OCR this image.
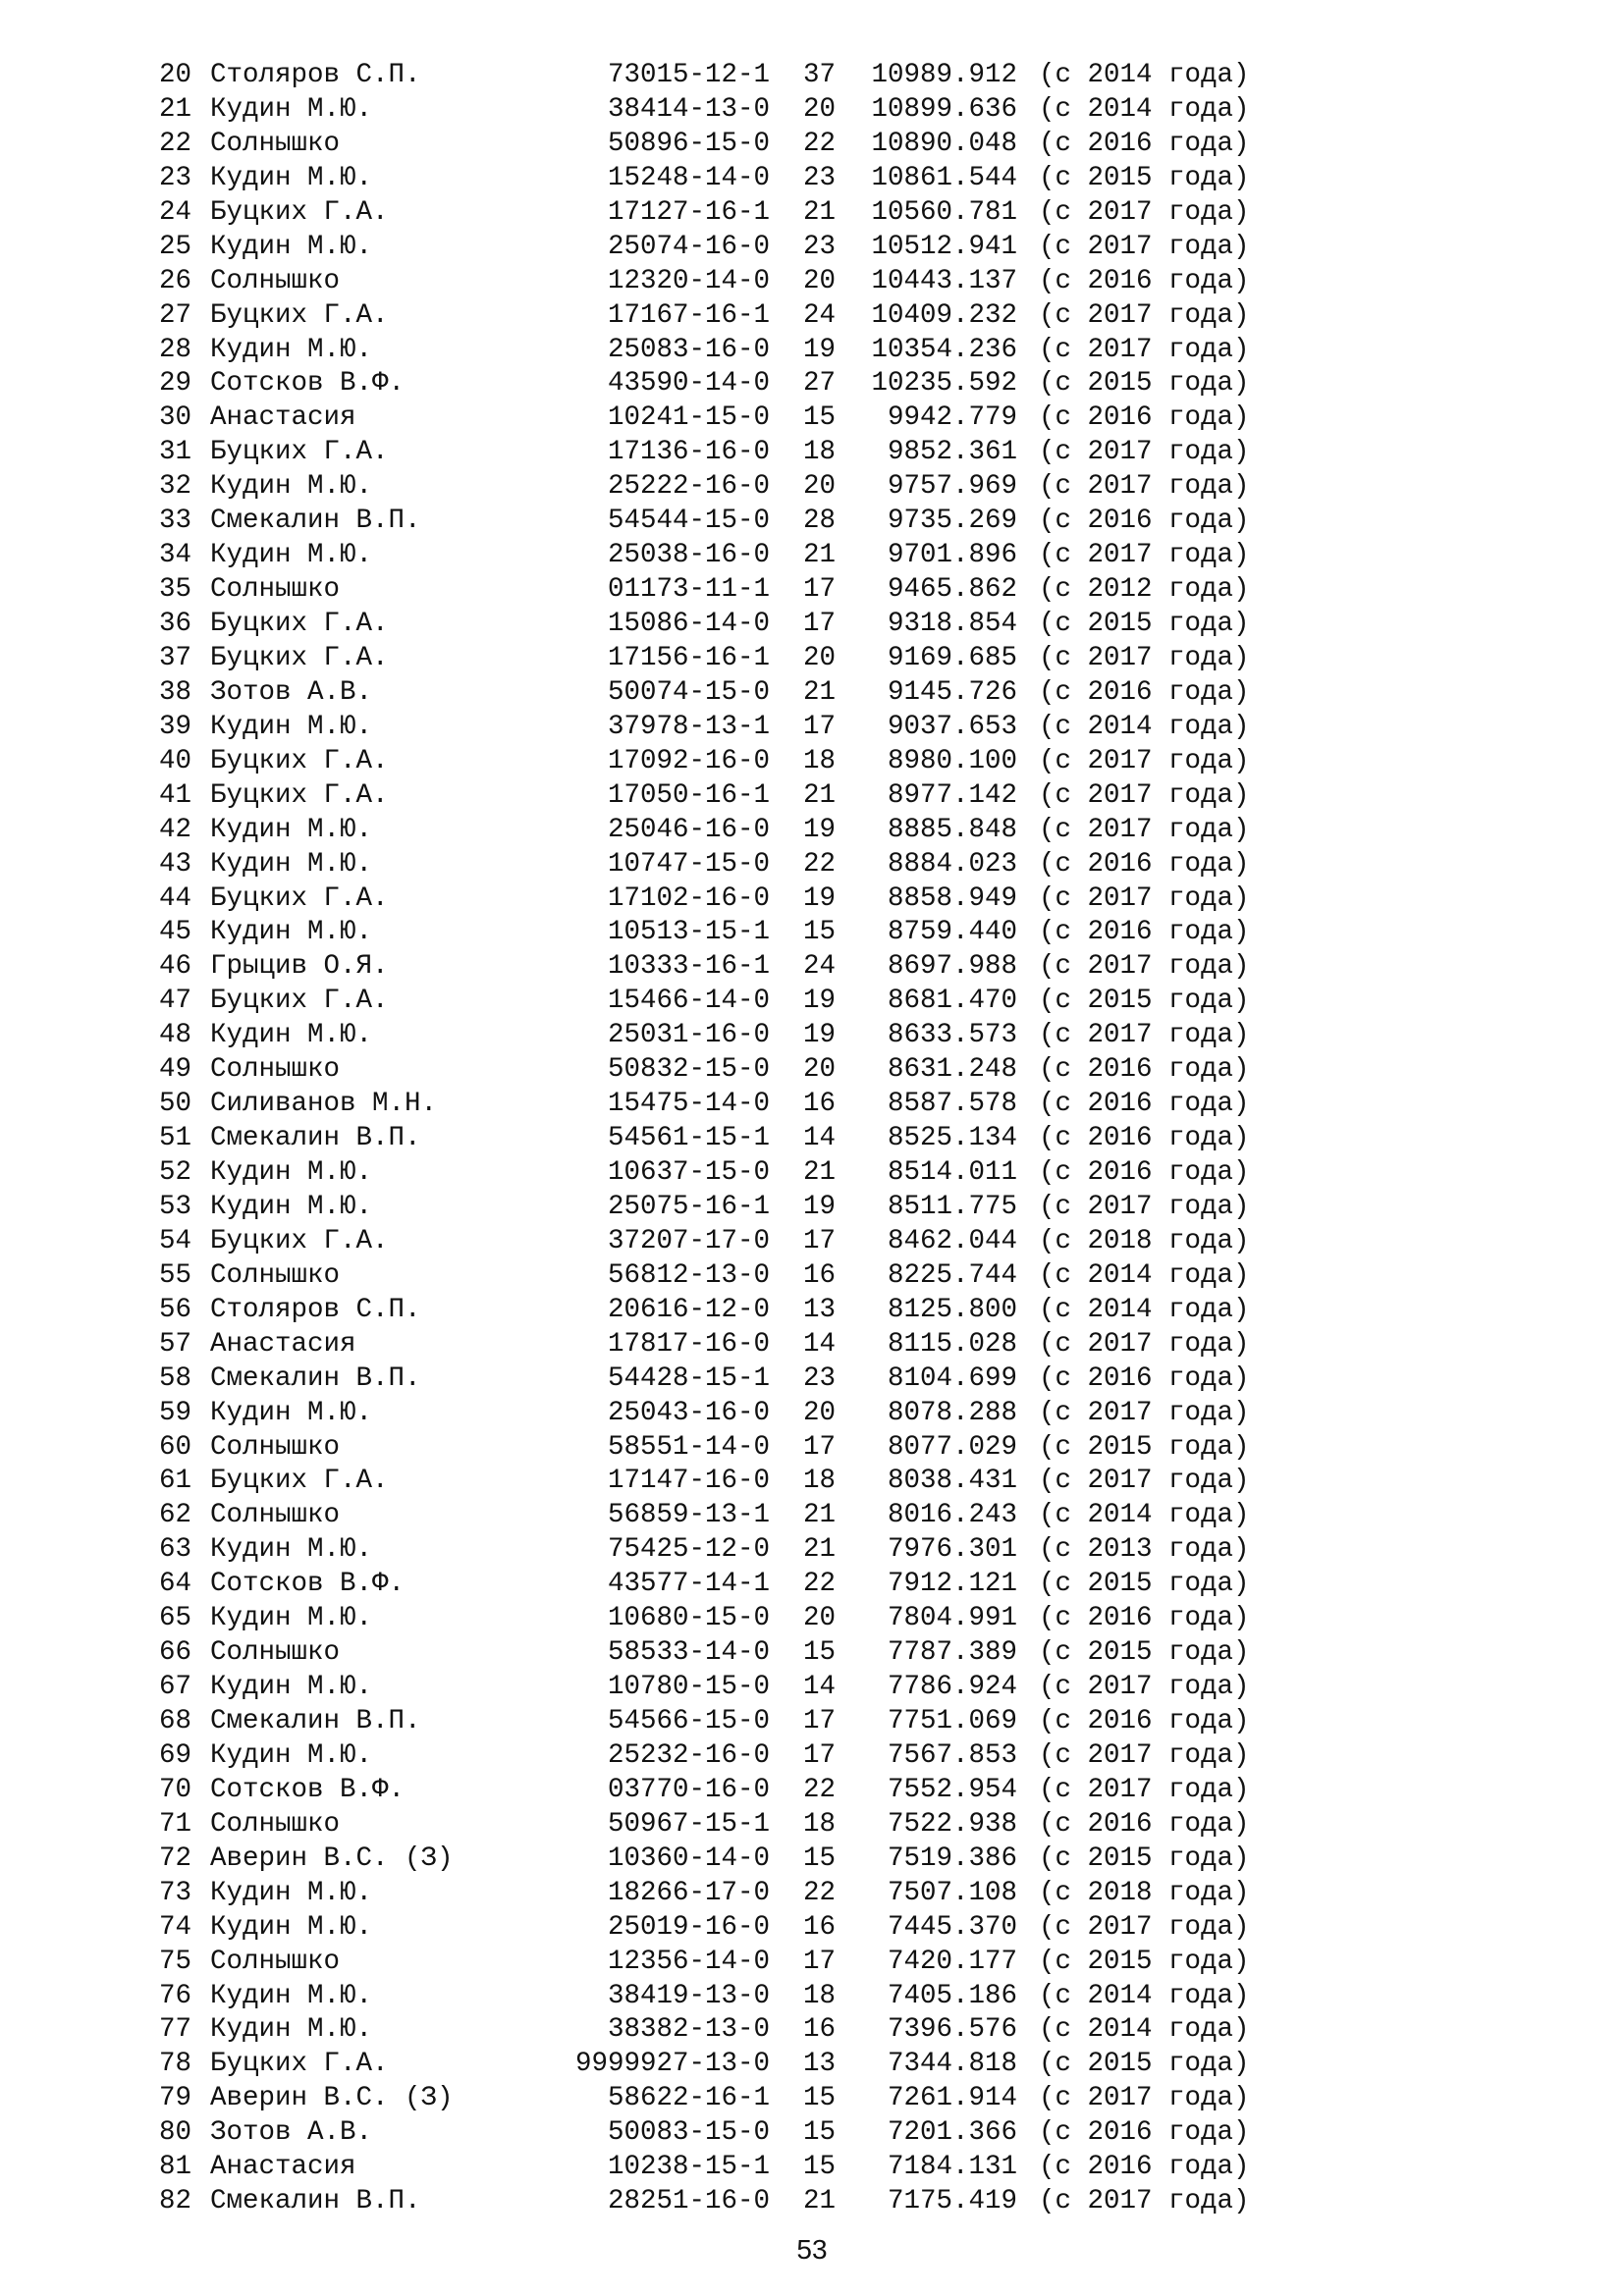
20 Столяров С.П.	73015-12-1 37 10989.912 (с 2014 года)
21 Кудин М.Ю.	38414-13-0 20 10899.636 (с 2014 года)
22 Солнышко	50896-15-0 22 10890.048 (с 2016 года)
23 Кудин М.Ю.	15248-14-0 23 10861.544 (с 2015 года)
24 Буцких Г.А.	17127-16-1 21 10560.781 (с 2017 года)
25 Кудин М.Ю.	25074-16-0 23 10512.941 (с 2017 года)
26 Солнышко	12320-14-0 20 10443.137 (с 2016 года)
27 Буцких Г.А.	17167-16-1 24 10409.232 (с 2017 года)
28 Кудин М.Ю.	25083-16-0 19 10354.236 (с 2017 года)
29 Сотсков В.Ф.	43590-14-0 27 10235.592 (с 2015 года)
30 Анастасия	10241-15-0 15 9942.779 (с 2016 года)
31 Буцких Г.А.	17136-16-0 18 9852.361 (с 2017 года)
32 Кудин М.Ю.	25222-16-0 20 9757.969 (с 2017 года)
33 Смекалин В.П.	54544-15-0 28 9735.269 (с 2016 года)
34 Кудин М.Ю.	25038-16-0 21 9701.896 (с 2017 года)
35 Солнышко	01173-11-1 17 9465.862 (с 2012 года)
36 Буцких Г.А.	15086-14-0 17 9318.854 (с 2015 года)
37 Буцких Г.А.	17156-16-1 20 9169.685 (с 2017 года)
38 Зотов А.В.	50074-15-0 21 9145.726 (с 2016 года)
39 Кудин М.Ю.	37978-13-1 17 9037.653 (с 2014 года)
40 Буцких Г.А.	17092-16-0 18 8980.100 (с 2017 года)
41 Буцких Г.А.	17050-16-1 21 8977.142 (с 2017 года)
42 Кудин М.Ю.	25046-16-0 19 8885.848 (с 2017 года)
43 Кудин М.Ю.	10747-15-0 22 8884.023 (с 2016 года)
44 Буцких Г.А.	17102-16-0 19 8858.949 (с 2017 года)
45 Кудин М.Ю.	10513-15-1 15 8759.440 (с 2016 года)
46 Грыцив О.Я.	10333-16-1 24 8697.988 (с 2017 года)
47 Буцких Г.А.	15466-14-0 19 8681.470 (с 2015 года)
48 Кудин М.Ю.	25031-16-0 19 8633.573 (с 2017 года)
49 Солнышко	50832-15-0 20 8631.248 (с 2016 года)
50 Силиванов М.Н.	15475-14-0 16 8587.578 (с 2016 года)
51 Смекалин В.П.	54561-15-1 14 8525.134 (с 2016 года)
52 Кудин М.Ю.	10637-15-0 21 8514.011 (с 2016 года)
53 Кудин М.Ю.	25075-16-1 19 8511.775 (с 2017 года)
54 Буцких Г.А.	37207-17-0 17 8462.044 (с 2018 года)
55 Солнышко	56812-13-0 16 8225.744 (с 2014 года)
56 Столяров С.П.	20616-12-0 13 8125.800 (с 2014 года)
57 Анастасия	17817-16-0 14 8115.028 (с 2017 года)
58 Смекалин В.П.	54428-15-1 23 8104.699 (с 2016 года)
59 Кудин М.Ю.	25043-16-0 20 8078.288 (с 2017 года)
60 Солнышко	58551-14-0 17 8077.029 (с 2015 года)
61 Буцких Г.А.	17147-16-0 18 8038.431 (с 2017 года)
62 Солнышко	56859-13-1 21 8016.243 (с 2014 года)
63 Кудин М.Ю.	75425-12-0 21 7976.301 (с 2013 года)
64 Сотсков В.Ф.	43577-14-1 22 7912.121 (с 2015 года)
65 Кудин М.Ю.	10680-15-0 20 7804.991 (с 2016 года)
66 Солнышко	58533-14-0 15 7787.389 (с 2015 года)
67 Кудин М.Ю.	10780-15-0 14 7786.924 (с 2017 года)
68 Смекалин В.П.	54566-15-0 17 7751.069 (с 2016 года)
69 Кудин М.Ю.	25232-16-0 17 7567.853 (с 2017 года)
70 Сотсков В.Ф.	03770-16-0 22 7552.954 (с 2017 года)
71 Солнышко	50967-15-1 18 7522.938 (с 2016 года)
72 Аверин В.С. (З)	10360-14-0 15 7519.386 (с 2015 года)
73 Кудин М.Ю.	18266-17-0 22 7507.108 (с 2018 года)
74 Кудин М.Ю.	25019-16-0 16 7445.370 (с 2017 года)
75 Солнышко	12356-14-0 17 7420.177 (с 2015 года)
76 Кудин М.Ю.	38419-13-0 18 7405.186 (с 2014 года)
77 Кудин М.Ю.	38382-13-0 16 7396.576 (с 2014 года)
78 Буцких Г.А.	9999927-13-0 13 7344.818 (с 2015 года)
79 Аверин В.С. (З)	58622-16-1 15 7261.914 (с 2017 года)
80 Зотов А.В.	50083-15-0 15 7201.366 (с 2016 года)
81 Анастасия	10238-15-1 15 7184.131 (с 2016 года)
82 Смекалин В.П.	28251-16-0 21 7175.419 (с 2017 года)
53
